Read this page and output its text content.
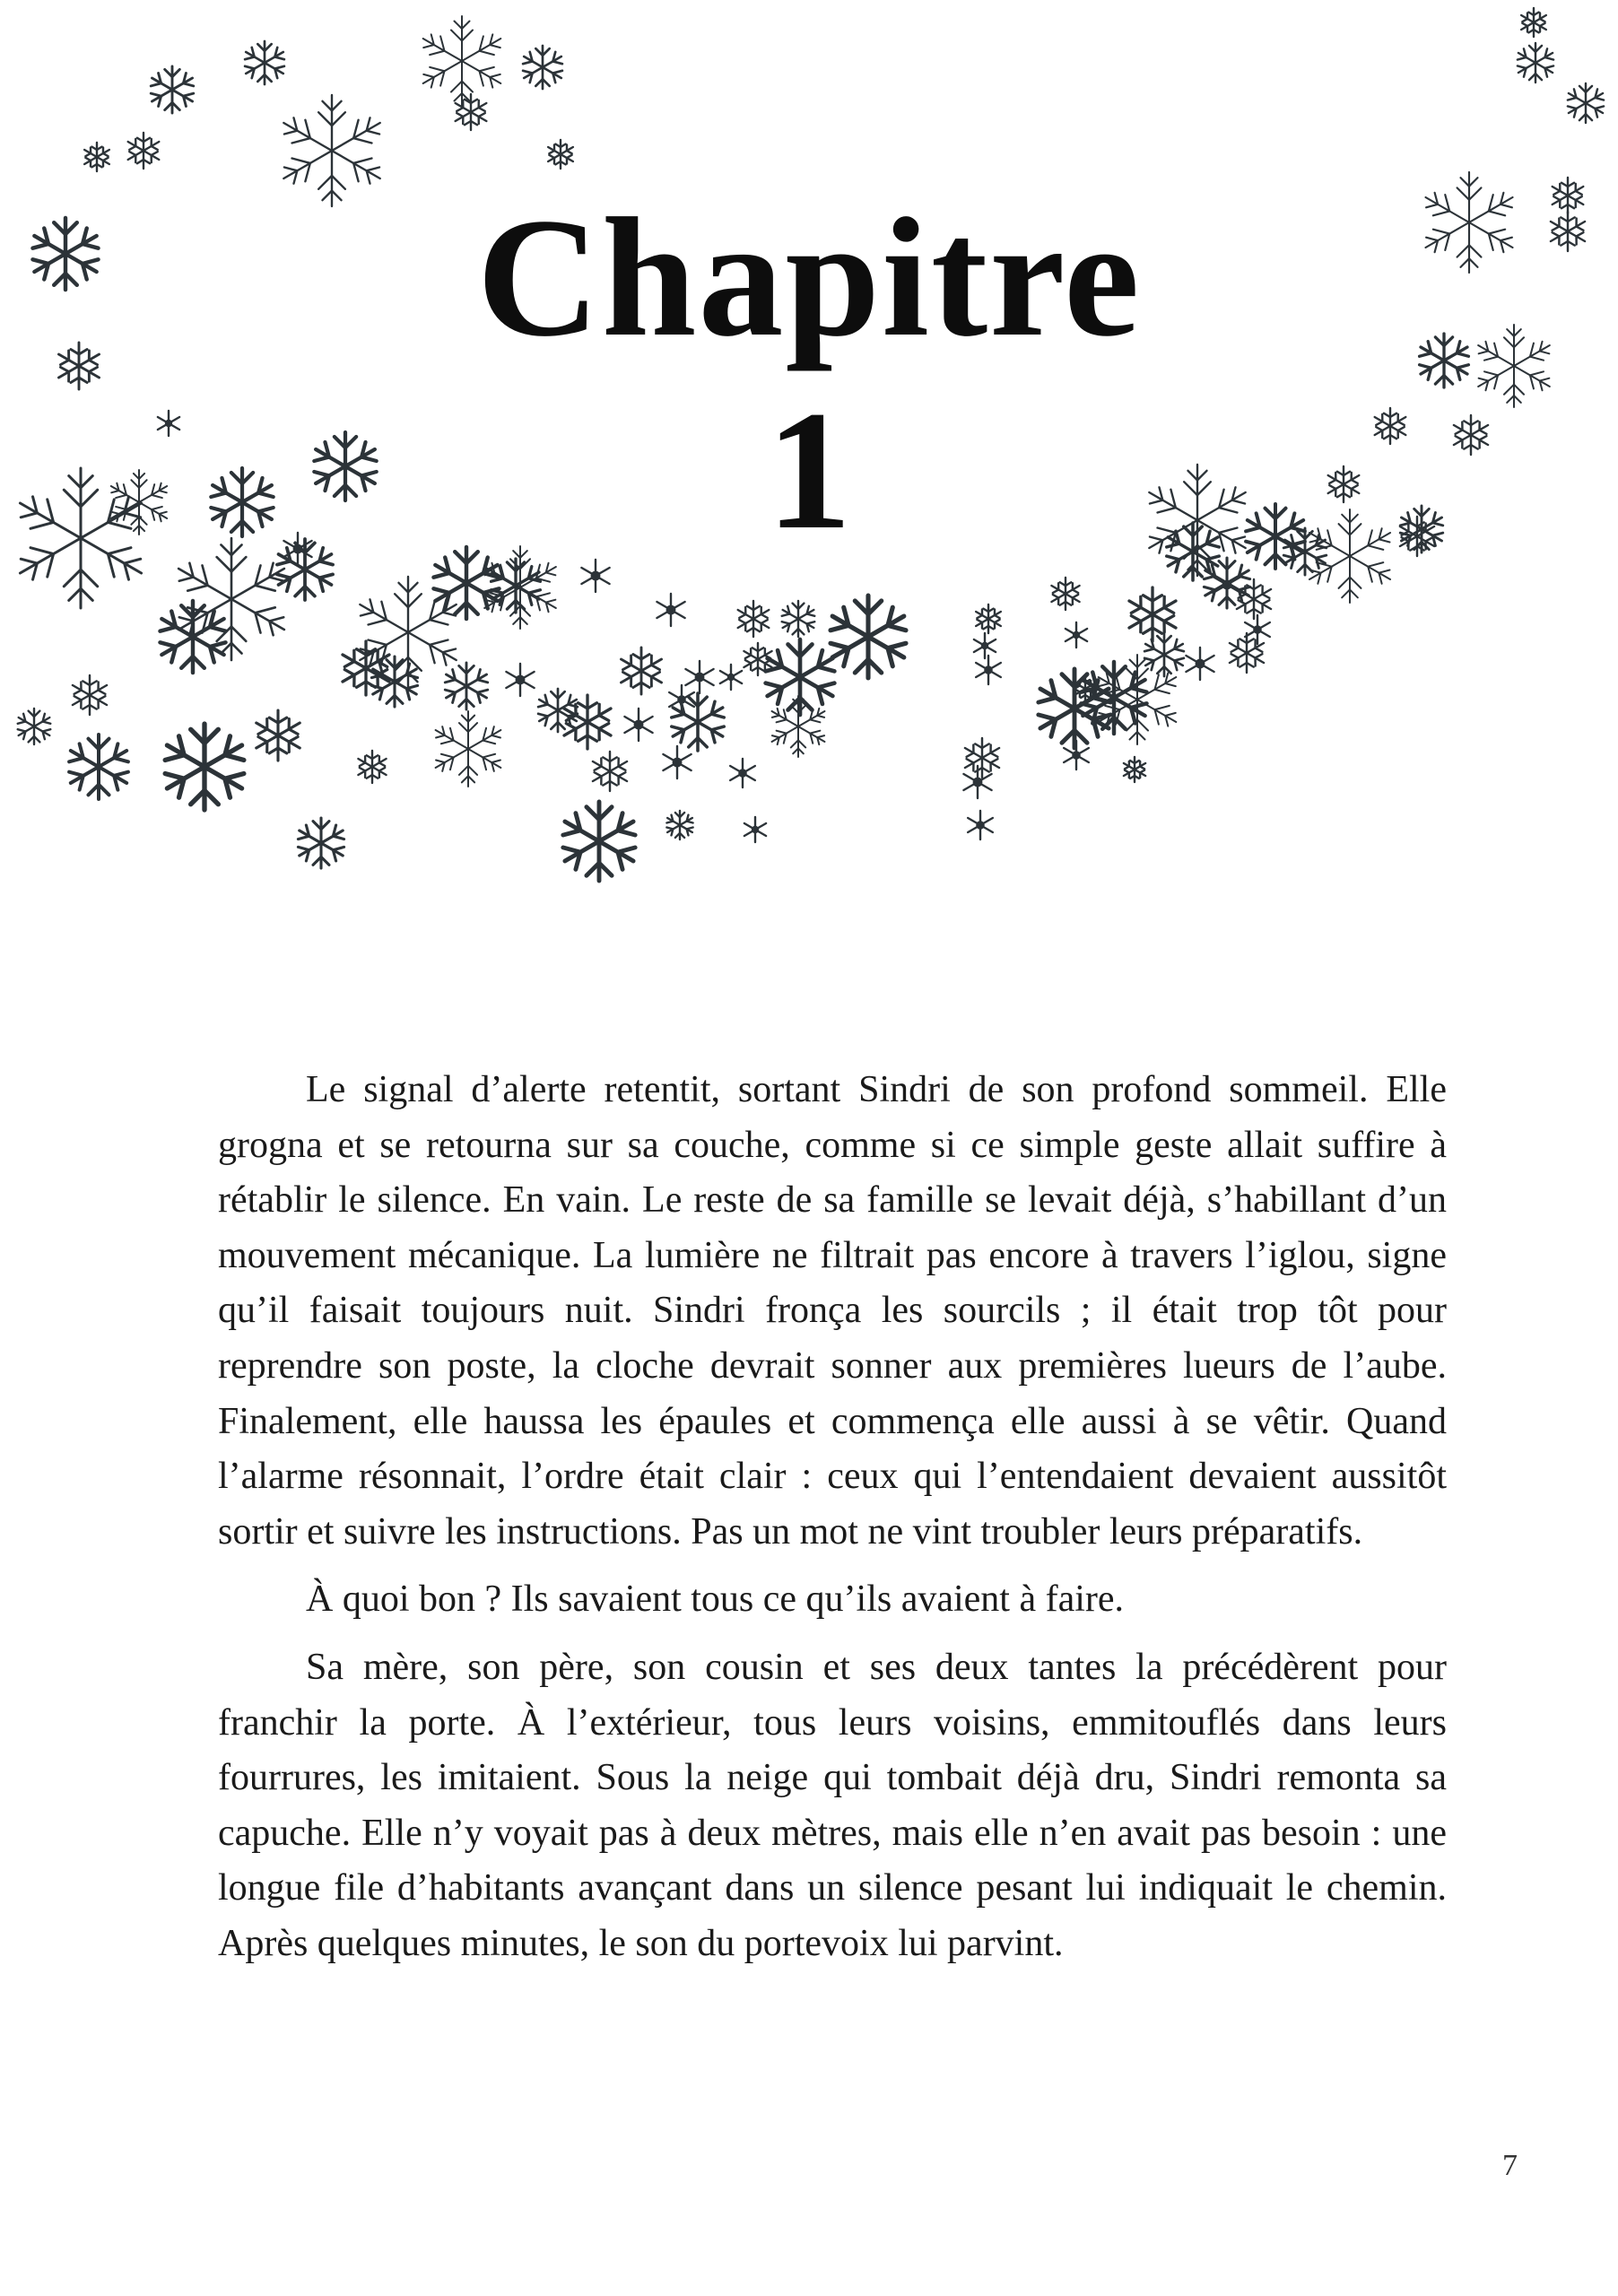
Chapitre
1

Le signal d’alerte retentit, sortant Sindri de son profond sommeil. Elle grogna et se retourna sur sa couche, comme si ce simple geste allait suffire à rétablir le silence. En vain. Le reste de sa famille se levait déjà, s’habillant d’un mouvement mécanique. La lumière ne filtrait pas encore à travers l’iglou, signe qu’il faisait toujours nuit. Sindri fronça les sourcils ; il était trop tôt pour reprendre son poste, la cloche devrait sonner aux premières lueurs de l’aube. Finalement, elle haussa les épaules et commença elle aussi à se vêtir. Quand l’alarme résonnait, l’ordre était clair : ceux qui l’entendaient devaient aussitôt sortir et suivre les instructions. Pas un mot ne vint troubler leurs préparatifs.

À quoi bon ? Ils savaient tous ce qu’ils avaient à faire.

Sa mère, son père, son cousin et ses deux tantes la précédèrent pour franchir la porte. À l’extérieur, tous leurs voisins, emmitouflés dans leurs fourrures, les imitaient. Sous la neige qui tombait déjà dru, Sindri remonta sa capuche. Elle n’y voyait pas à deux mètres, mais elle n’en avait pas besoin : une longue file d’habitants avançant dans un silence pesant lui indiquait le chemin. Après quelques minutes, le son du portevoix lui parvint.

7
